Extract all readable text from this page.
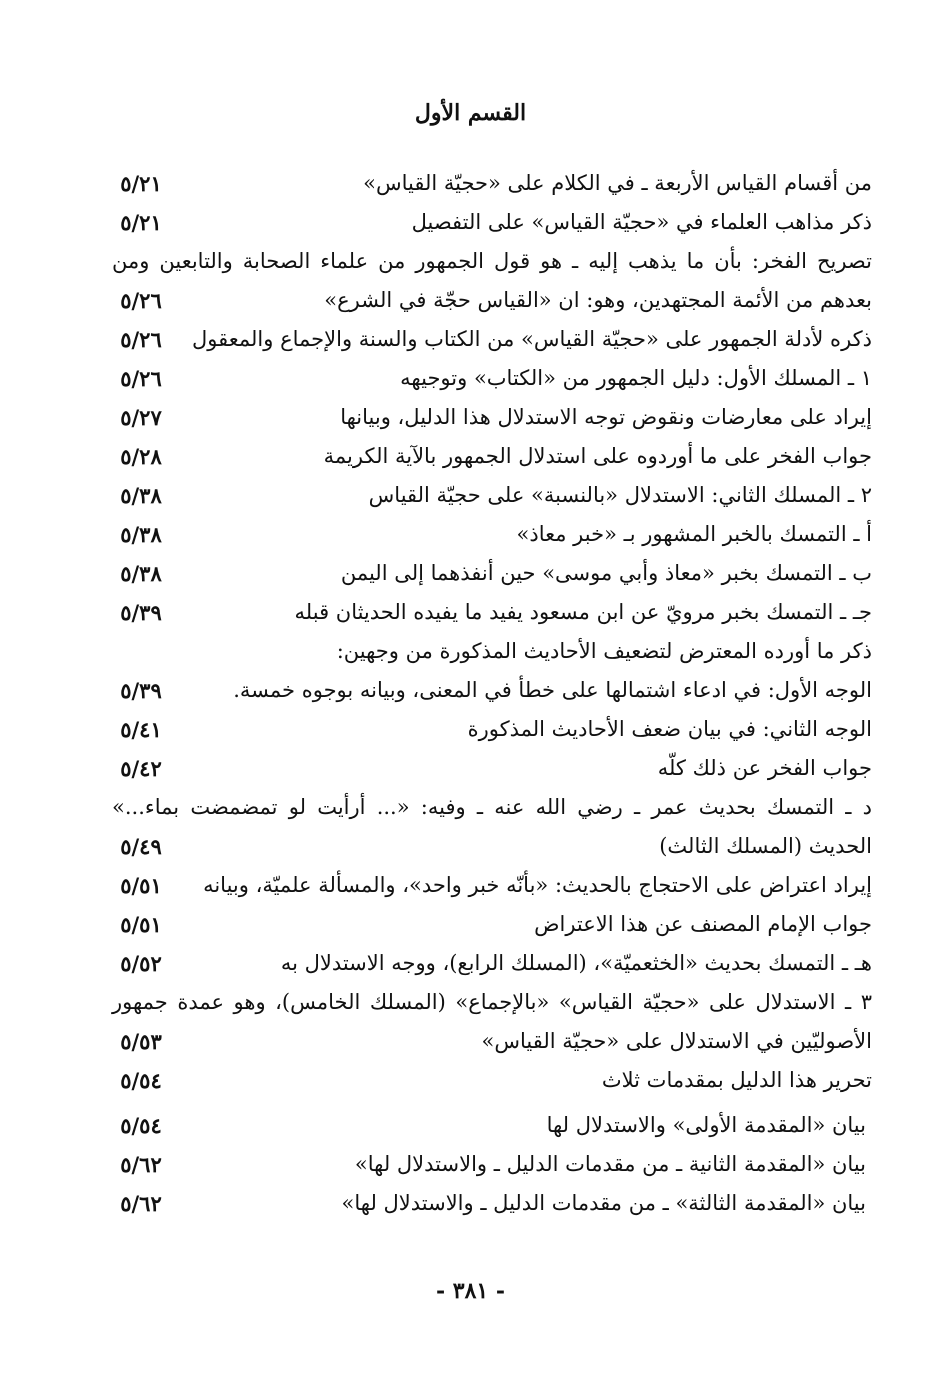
القسم الأول
من أقسام القياس الأربعة ـ في الكلام على «حجيّة القياس»
٥/٢١
ذكر مذاهب العلماء في «حجيّة القياس» على التفصيل
٥/٢١
تصريح الفخر: بأن ما يذهب إليه ـ هو قول الجمهور من علماء الصحابة والتابعين ومن بعدهم من الأئمة المجتهدين، وهو: ان «القياس حجّة في الشرع»
٥/٢٦
ذكره لأدلة الجمهور على «حجيّة القياس» من الكتاب والسنة والإجماع والمعقول
٥/٢٦
١ ـ المسلك الأول: دليل الجمهور من «الكتاب» وتوجيهه
٥/٢٦
إيراد على معارضات ونقوض توجه الاستدلال هذا الدليل، وبيانها
٥/٢٧
جواب الفخر على ما أوردوه على استدلال الجمهور بالآية الكريمة
٥/٢٨
٢ ـ المسلك الثاني: الاستدلال «بالنسبة» على حجيّة القياس
٥/٣٨
أ ـ التمسك بالخبر المشهور بـ «خبر معاذ»
٥/٣٨
ب ـ التمسك بخبر «معاذ وأبي موسى» حين أنفذهما إلى اليمن
٥/٣٨
جـ ـ التمسك بخبر مرويّ عن ابن مسعود يفيد ما يفيده الحديثان قبله
٥/٣٩
ذكر ما أورده المعترض لتضعيف الأحاديث المذكورة من وجهين:
الوجه الأول: في ادعاء اشتمالها على خطأ في المعنى، وبيانه بوجوه خمسة.
٥/٣٩
الوجه الثاني: في بيان ضعف الأحاديث المذكورة
٥/٤١
جواب الفخر عن ذلك كلّه
٥/٤٢
د ـ التمسك بحديث عمر ـ رضي الله عنه ـ وفيه: «... أرأيت لو تمضمضت بماء...» الحديث (المسلك الثالث)
٥/٤٩
إيراد اعتراض على الاحتجاج بالحديث: «بأنّه خبر واحد»، والمسألة علميّة، وبيانه
٥/٥١
جواب الإمام المصنف عن هذا الاعتراض
٥/٥١
هـ ـ التمسك بحديث «الخثعميّة»، (المسلك الرابع)، ووجه الاستدلال به
٥/٥٢
٣ ـ الاستدلال على «حجيّة القياس» «بالإجماع» (المسلك الخامس)، وهو عمدة جمهور الأصوليّين في الاستدلال على «حجيّة القياس»
٥/٥٣
تحرير هذا الدليل بمقدمات ثلاث
٥/٥٤
بيان «المقدمة الأولى» والاستدلال لها
٥/٥٤
بيان «المقدمة الثانية ـ من مقدمات الدليل ـ والاستدلال لها»
٥/٦٢
بيان «المقدمة الثالثة» ـ من مقدمات الدليل ـ والاستدلال لها»
٥/٦٢
- ٣٨١ -
